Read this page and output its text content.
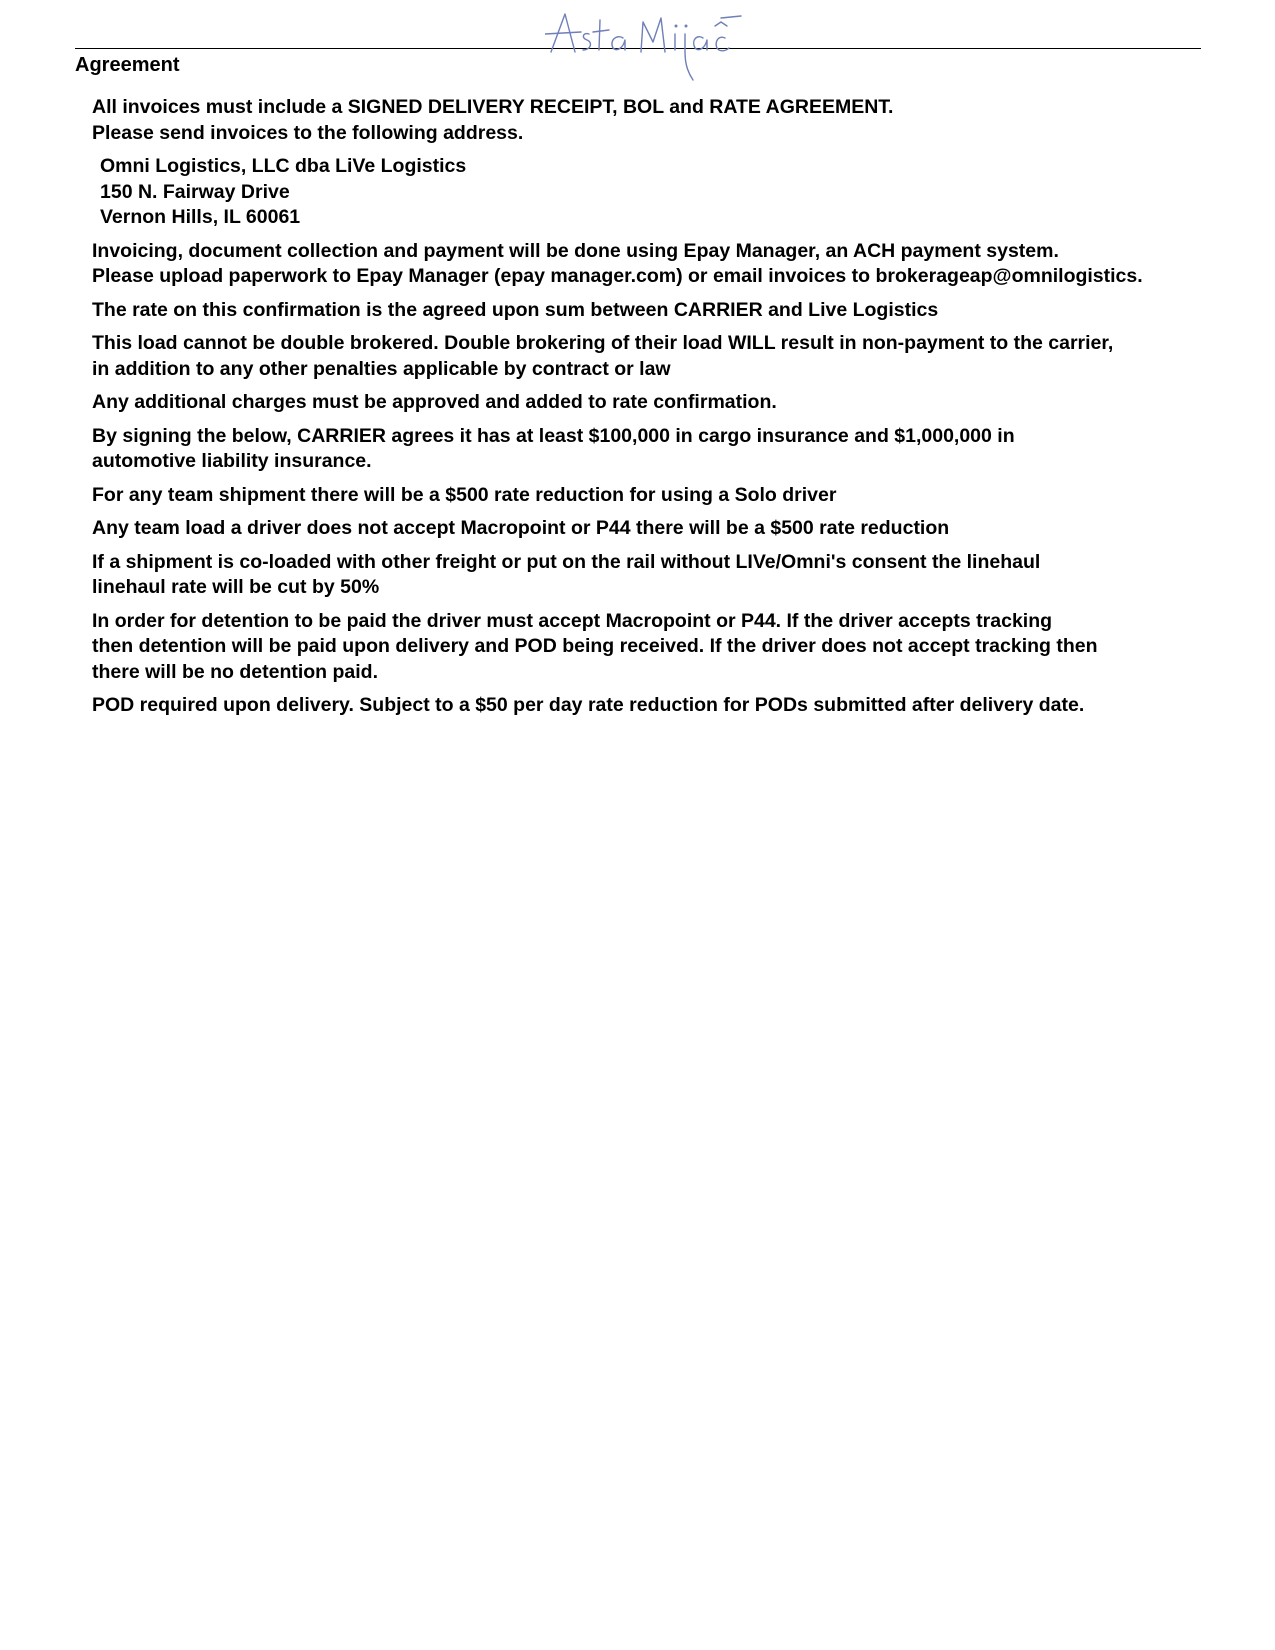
Agreement
All invoices must include a SIGNED DELIVERY RECEIPT, BOL and RATE AGREEMENT.
Please send invoices to the following address.
Omni Logistics, LLC dba LiVe Logistics
150 N. Fairway Drive
Vernon Hills, IL 60061
Invoicing, document collection and payment will be done using Epay Manager, an ACH payment system.
Please upload paperwork to Epay Manager (epay manager.com) or email invoices to brokerageap@omnilogistics.
The rate on this confirmation is the agreed upon sum between CARRIER and Live Logistics
This load cannot be double brokered. Double brokering of their load WILL result in non-payment to the carrier,
in addition to any other penalties applicable by contract or law
Any additional charges must be approved and added to rate confirmation.
By signing the below, CARRIER agrees it has at least $100,000 in cargo insurance and $1,000,000 in
automotive liability insurance.
For any team shipment there will be a $500 rate reduction for using a Solo driver
Any team load a driver does not accept Macropoint or P44 there will be a $500 rate reduction
If a shipment is co-loaded with other freight or put on the rail without LIVe/Omni's consent the linehaul
linehaul rate will be cut by 50%
In order for detention to be paid the driver must accept Macropoint or P44. If the driver accepts tracking
then detention will be paid upon delivery and POD being received. If the driver does not accept tracking then
there will be no detention paid.
POD required upon delivery. Subject to a $50 per day rate reduction for PODs submitted after delivery date.
